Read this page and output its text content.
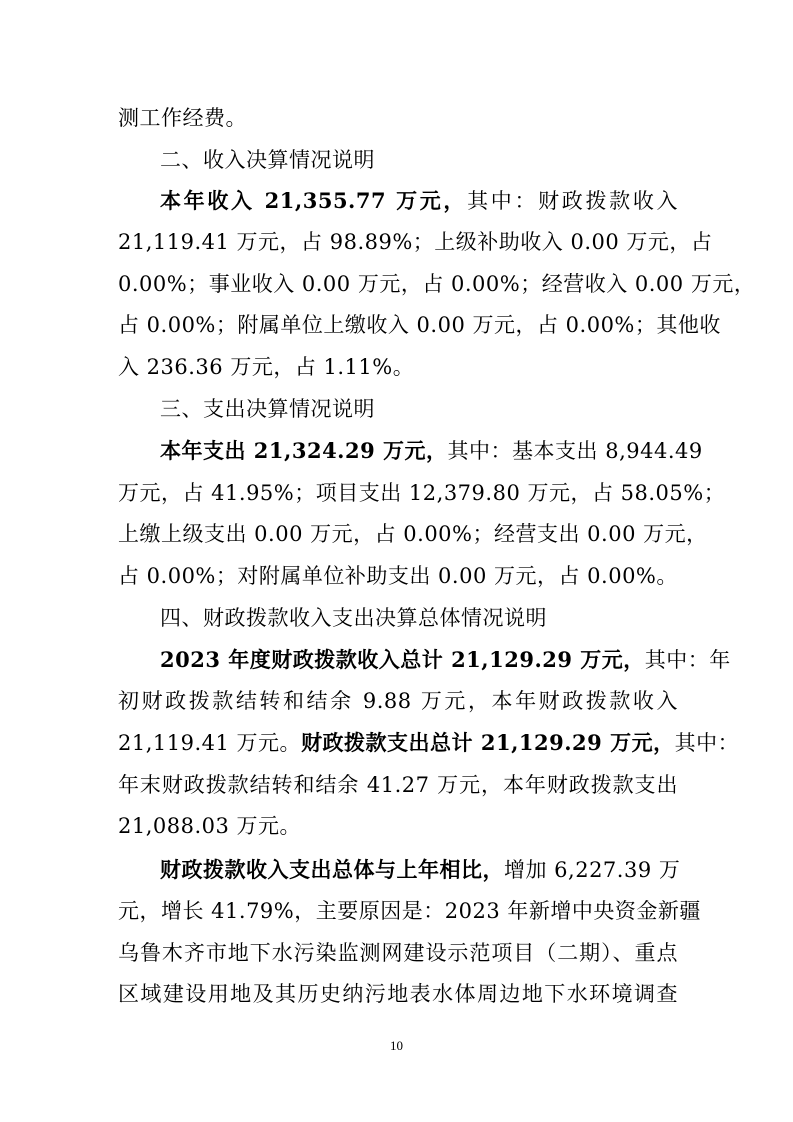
测工作经费。
二、收入决算情况说明
本年收入 21,355.77 万元，其中：财政拨款收入
21,119.41 万元，占 98.89%；上级补助收入 0.00 万元，占
0.00%；事业收入 0.00 万元，占 0.00%；经营收入 0.00 万元，
占 0.00%；附属单位上缴收入 0.00 万元，占 0.00%；其他收
入 236.36 万元，占 1.11%。
三、支出决算情况说明
本年支出 21,324.29 万元，其中：基本支出 8,944.49
万元，占 41.95%；项目支出 12,379.80 万元，占 58.05%；
上缴上级支出 0.00 万元，占 0.00%；经营支出 0.00 万元，
占 0.00%；对附属单位补助支出 0.00 万元，占 0.00%。
四、财政拨款收入支出决算总体情况说明
2023 年度财政拨款收入总计 21,129.29 万元，其中：年
初财政拨款结转和结余 9.88 万元，本年财政拨款收入
21,119.41 万元。财政拨款支出总计 21,129.29 万元，其中：
年末财政拨款结转和结余 41.27 万元，本年财政拨款支出
21,088.03 万元。
财政拨款收入支出总体与上年相比，增加 6,227.39 万
元，增长 41.79%，主要原因是：2023 年新增中央资金新疆
乌鲁木齐市地下水污染监测网建设示范项目（二期）、重点
区域建设用地及其历史纳污地表水体周边地下水环境调查
10
